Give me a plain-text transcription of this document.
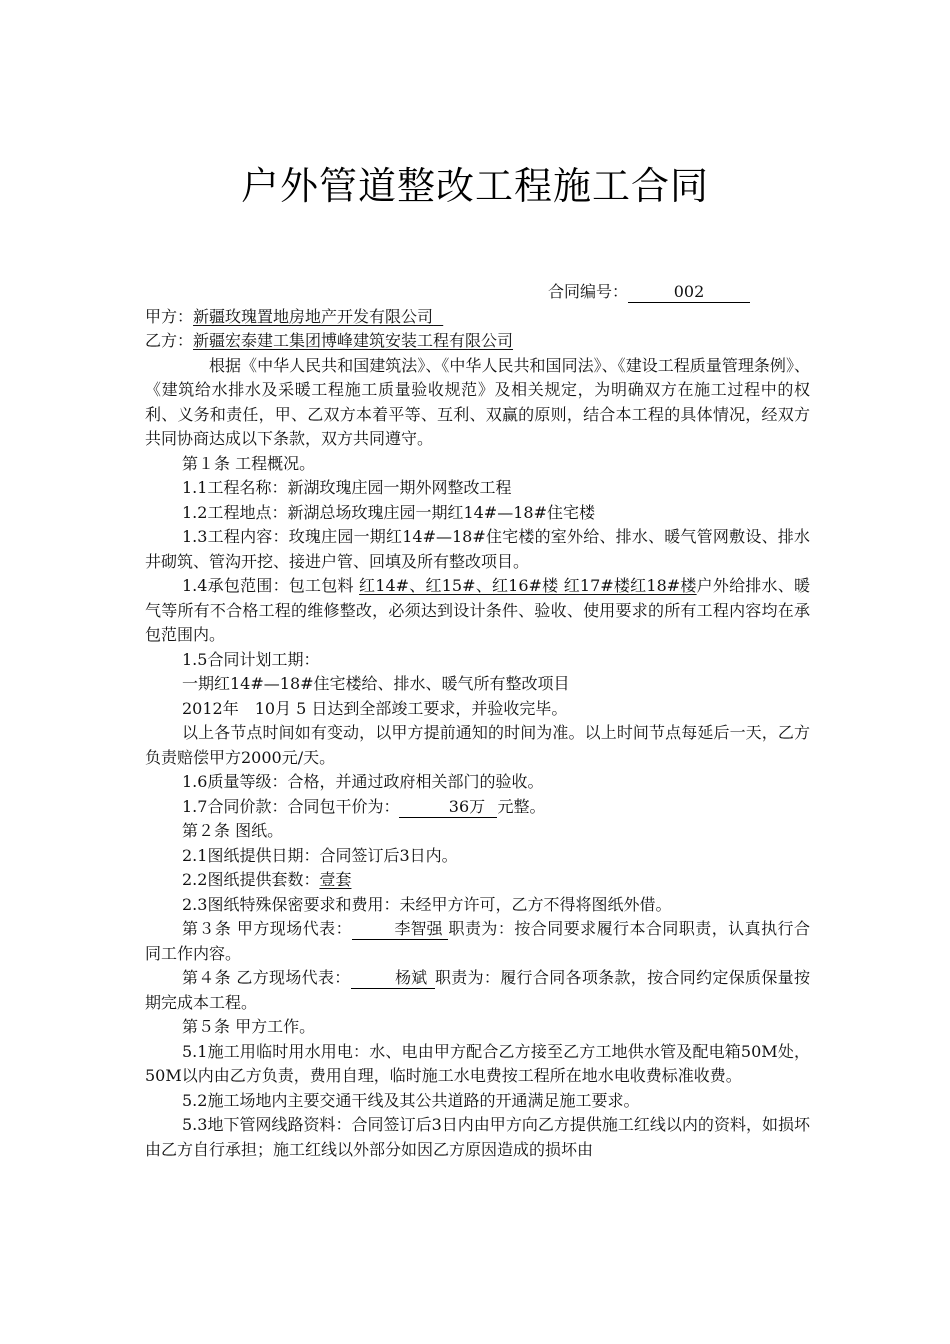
户外管道整改工程施工合同

合同编号：	002

甲方：新疆玫瑰置地房地产开发有限公司

乙方：新疆宏泰建工集团博峰建筑安装工程有限公司

根据《中华人民共和国建筑法》、《中华人民共和国同法》、《建设工程质量管理条例》、《建筑给水排水及采暖工程施工质量验收规范》及相关规定，为明确双方在施工过程中的权利、义务和责任，甲、乙双方本着平等、互利、双赢的原则，结合本工程的具体情况，经双方共同协商达成以下条款，双方共同遵守。

第１条 工程概况。

1.1工程名称：新湖玫瑰庄园一期外网整改工程

1.2工程地点：新湖总场玫瑰庄园一期红14#—18#住宅楼

1.3工程内容：玫瑰庄园一期红14#—18#住宅楼的室外给、排水、暖气管网敷设、排水井砌筑、管沟开挖、接进户管、回填及所有整改项目。

1.4承包范围：包工包料 红14#、红15#、红16#楼 红17#楼红18#楼户外给排水、暖气等所有不合格工程的维修整改，必须达到设计条件、验收、使用要求的所有工程内容均在承包范围内。

1.5合同计划工期：

一期红14#—18#住宅楼给、排水、暖气所有整改项目

2012年　10月 5 日达到全部竣工要求，并验收完毕。

以上各节点时间如有变动，以甲方提前通知的时间为准。以上时间节点每延后一天，乙方负责赔偿甲方2000元/天。

1.6质量等级：合格，并通过政府相关部门的验收。

1.7合同价款：合同包干价为：	36万 元整。

第２条 图纸。

2.1图纸提供日期：合同签订后3日内。

2.2图纸提供套数：壹套

2.3图纸特殊保密要求和费用：未经甲方许可，乙方不得将图纸外借。

第３条 甲方现场代表：	李智强 职责为：按合同要求履行本合同职责，认真执行合同工作内容。

第４条 乙方现场代表：	杨斌 职责为：履行合同各项条款，按合同约定保质保量按期完成本工程。

第５条 甲方工作。

5.1施工用临时用水用电：水、电由甲方配合乙方接至乙方工地供水管及配电箱50M处，50M以内由乙方负责，费用自理，临时施工水电费按工程所在地水电收费标准收费。

5.2施工场地内主要交通干线及其公共道路的开通满足施工要求。

5.3地下管网线路资料：合同签订后3日内由甲方向乙方提供施工红线以内的资料，如损坏由乙方自行承担；施工红线以外部分如因乙方原因造成的损坏由
